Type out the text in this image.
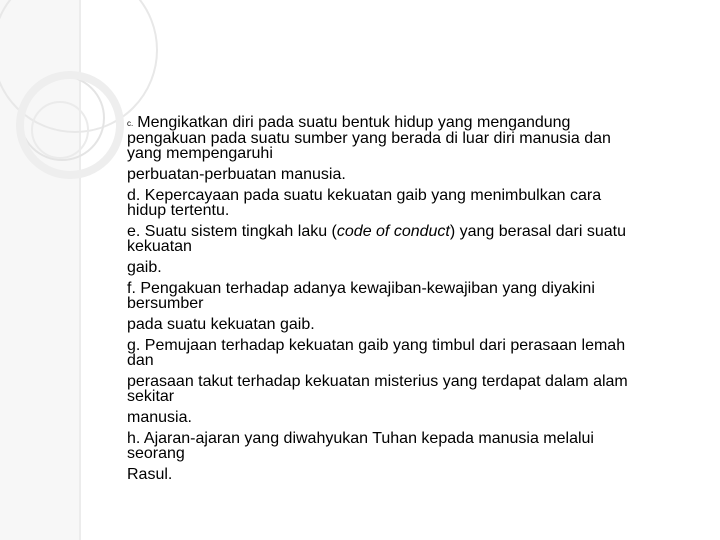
c. Mengikatkan diri pada suatu bentuk hidup yang mengandung
pengakuan pada suatu sumber yang berada di luar diri manusia dan
yang mempengaruhi
perbuatan-perbuatan manusia.
d. Kepercayaan pada suatu kekuatan gaib yang menimbulkan cara
hidup tertentu.
e. Suatu sistem tingkah laku (code of conduct) yang berasal dari suatu
kekuatan
gaib.
f. Pengakuan terhadap adanya kewajiban-kewajiban yang diyakini
bersumber
pada suatu kekuatan gaib.
g. Pemujaan terhadap kekuatan gaib yang timbul dari perasaan lemah
dan
perasaan takut terhadap kekuatan misterius yang terdapat dalam alam
sekitar
manusia.
h. Ajaran-ajaran yang diwahyukan Tuhan kepada manusia melalui
seorang
Rasul.
